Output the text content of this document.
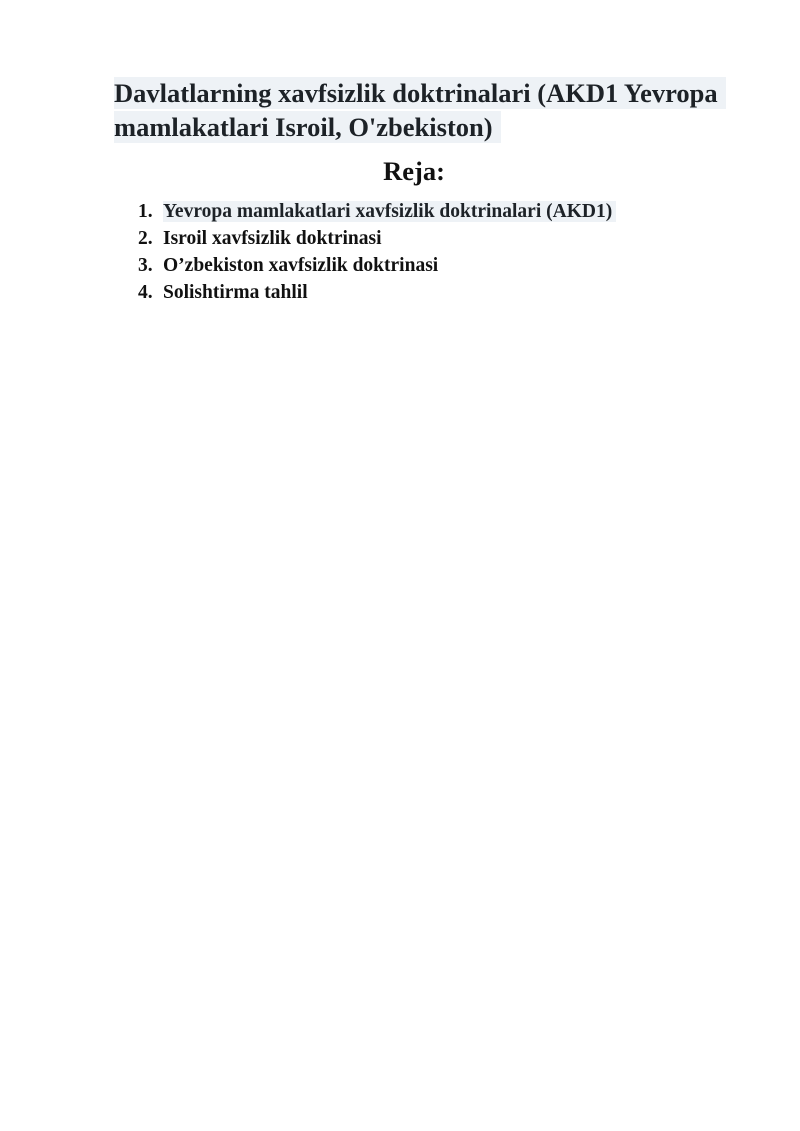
Davlatlarning xavfsizlik doktrinalari (AKD1 Yevropa mamlakatlari Isroil, O'zbekiston)
Reja:
1. Yevropa mamlakatlari xavfsizlik doktrinalari (AKD1)
2. Isroil xavfsizlik doktrinasi
3. O’zbekiston xavfsizlik doktrinasi
4. Solishtirma tahlil
